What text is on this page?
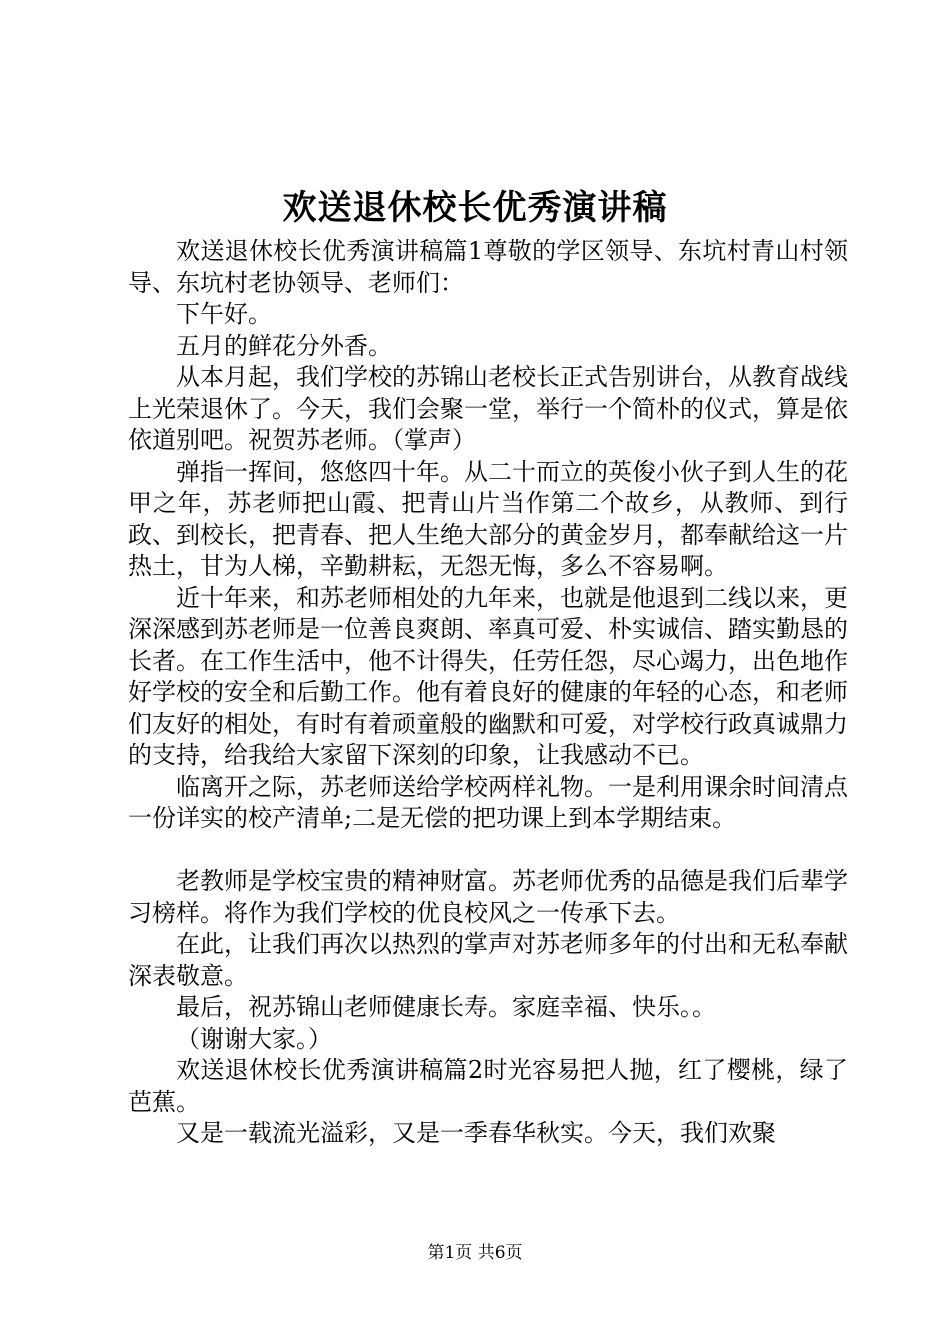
欢送退休校长优秀演讲稿

欢送退休校长优秀演讲稿篇1尊敬的学区领导、东坑村青山村领导、东坑村老协领导、老师们：

下午好。

五月的鲜花分外香。

从本月起，我们学校的苏锦山老校长正式告别讲台，从教育战线上光荣退休了。今天，我们会聚一堂，举行一个简朴的仪式，算是依依道别吧。祝贺苏老师。（掌声）

弹指一挥间，悠悠四十年。从二十而立的英俊小伙子到人生的花甲之年，苏老师把山霞、把青山片当作第二个故乡，从教师、到行政、到校长，把青春、把人生绝大部分的黄金岁月，都奉献给这一片热土，甘为人梯，辛勤耕耘，无怨无悔，多么不容易啊。

近十年来，和苏老师相处的九年来，也就是他退到二线以来，更深深感到苏老师是一位善良爽朗、率真可爱、朴实诚信、踏实勤恳的长者。在工作生活中，他不计得失，任劳任怨，尽心竭力，出色地作好学校的安全和后勤工作。他有着良好的健康的年轻的心态，和老师们友好的相处，有时有着顽童般的幽默和可爱，对学校行政真诚鼎力的支持，给我给大家留下深刻的印象，让我感动不已。

临离开之际，苏老师送给学校两样礼物。一是利用课余时间清点一份详实的校产清单;二是无偿的把功课上到本学期结束。

老教师是学校宝贵的精神财富。苏老师优秀的品德是我们后辈学习榜样。将作为我们学校的优良校风之一传承下去。

在此，让我们再次以热烈的掌声对苏老师多年的付出和无私奉献深表敬意。

最后，祝苏锦山老师健康长寿。家庭幸福、快乐。。

（谢谢大家。）

欢送退休校长优秀演讲稿篇2时光容易把人抛，红了樱桃，绿了芭蕉。

又是一载流光溢彩，又是一季春华秋实。今天，我们欢聚

第1页 共6页
